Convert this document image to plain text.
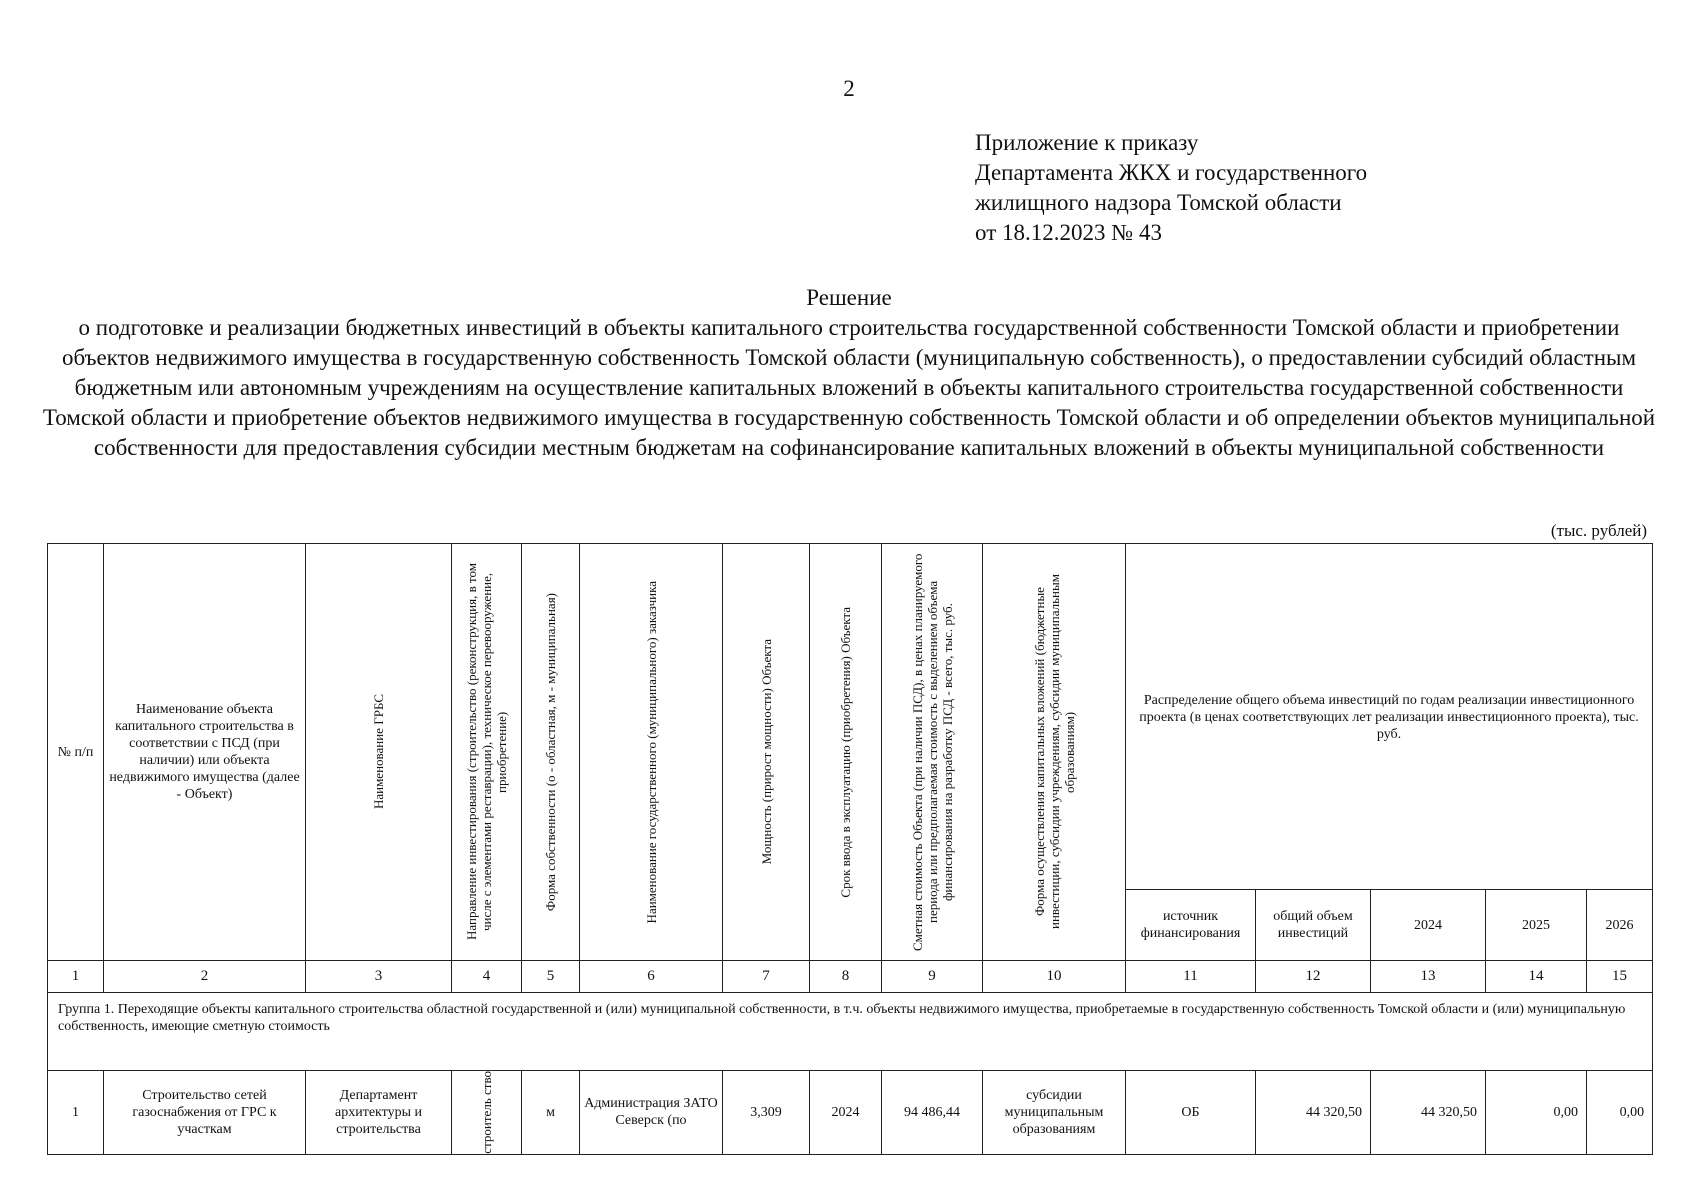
2
Приложение к приказу
Департамента ЖКХ и государственного
жилищного надзора Томской области
от 18.12.2023 № 43
Решение
о подготовке и реализации бюджетных инвестиций в объекты капитального строительства государственной собственности Томской области и приобретении объектов недвижимого имущества в государственную собственность Томской области (муниципальную собственность), о предоставлении субсидий областным бюджетным или автономным учреждениям на осуществление капитальных вложений в объекты капитального строительства государственной собственности Томской области и приобретение объектов недвижимого имущества в государственную собственность Томской области и об определении объектов муниципальной собственности для предоставления субсидии местным бюджетам на софинансирование капитальных вложений в объекты муниципальной собственности
(тыс. рублей)
№ п/п	Наименование объекта капитального строительства в соответствии с ПСД (при наличии) или объекта недвижимого имущества (далее - Объект)	Наименование ГРБС	Направление инвестирования (строительство (реконструкция, в том числе с элементами реставрации), техническое перевооружение, приобретение)	Форма собственности (о - областная, м - муниципальная)	Наименование государственного (муниципального) заказчика	Мощность (прирост мощности) Объекта	Срок ввода в эксплуатацию (приобретения) Объекта	Сметная стоимость Объекта (при наличии ПСД), в ценах планируемого периода или предполагаемая стоимость с выделением объема финансирования на разработку ПСД - всего, тыс. руб.	Форма осуществления капитальных вложений (бюджетные инвестиции, субсидии учреждениям, субсидии муниципальным образованиям)	Распределение общего объема инвестиций по годам реализации инвестиционного проекта (в ценах соответствующих лет реализации инвестиционного проекта), тыс. руб.				
										источник финансирования	общий объем инвестиций	2024	2025	2026
1	2	3	4	5	6	7	8	9	10	11	12	13	14	15
Группа 1. Переходящие объекты капитального строительства областной государственной и (или) муниципальной собственности, в т.ч. объекты недвижимого имущества, приобретаемые в государственную собственность Томской области и (или) муниципальную собственность, имеющие сметную стоимость														
1	Строительство сетей газоснабжения от ГРС к участкам	Департамент архитектуры и строительства	строитель ство	м	Администрация ЗАТО Северск (по	3,309	2024	94 486,44	субсидии муниципальным образованиям	ОБ	44 320,50	44 320,50	0,00	0,00
